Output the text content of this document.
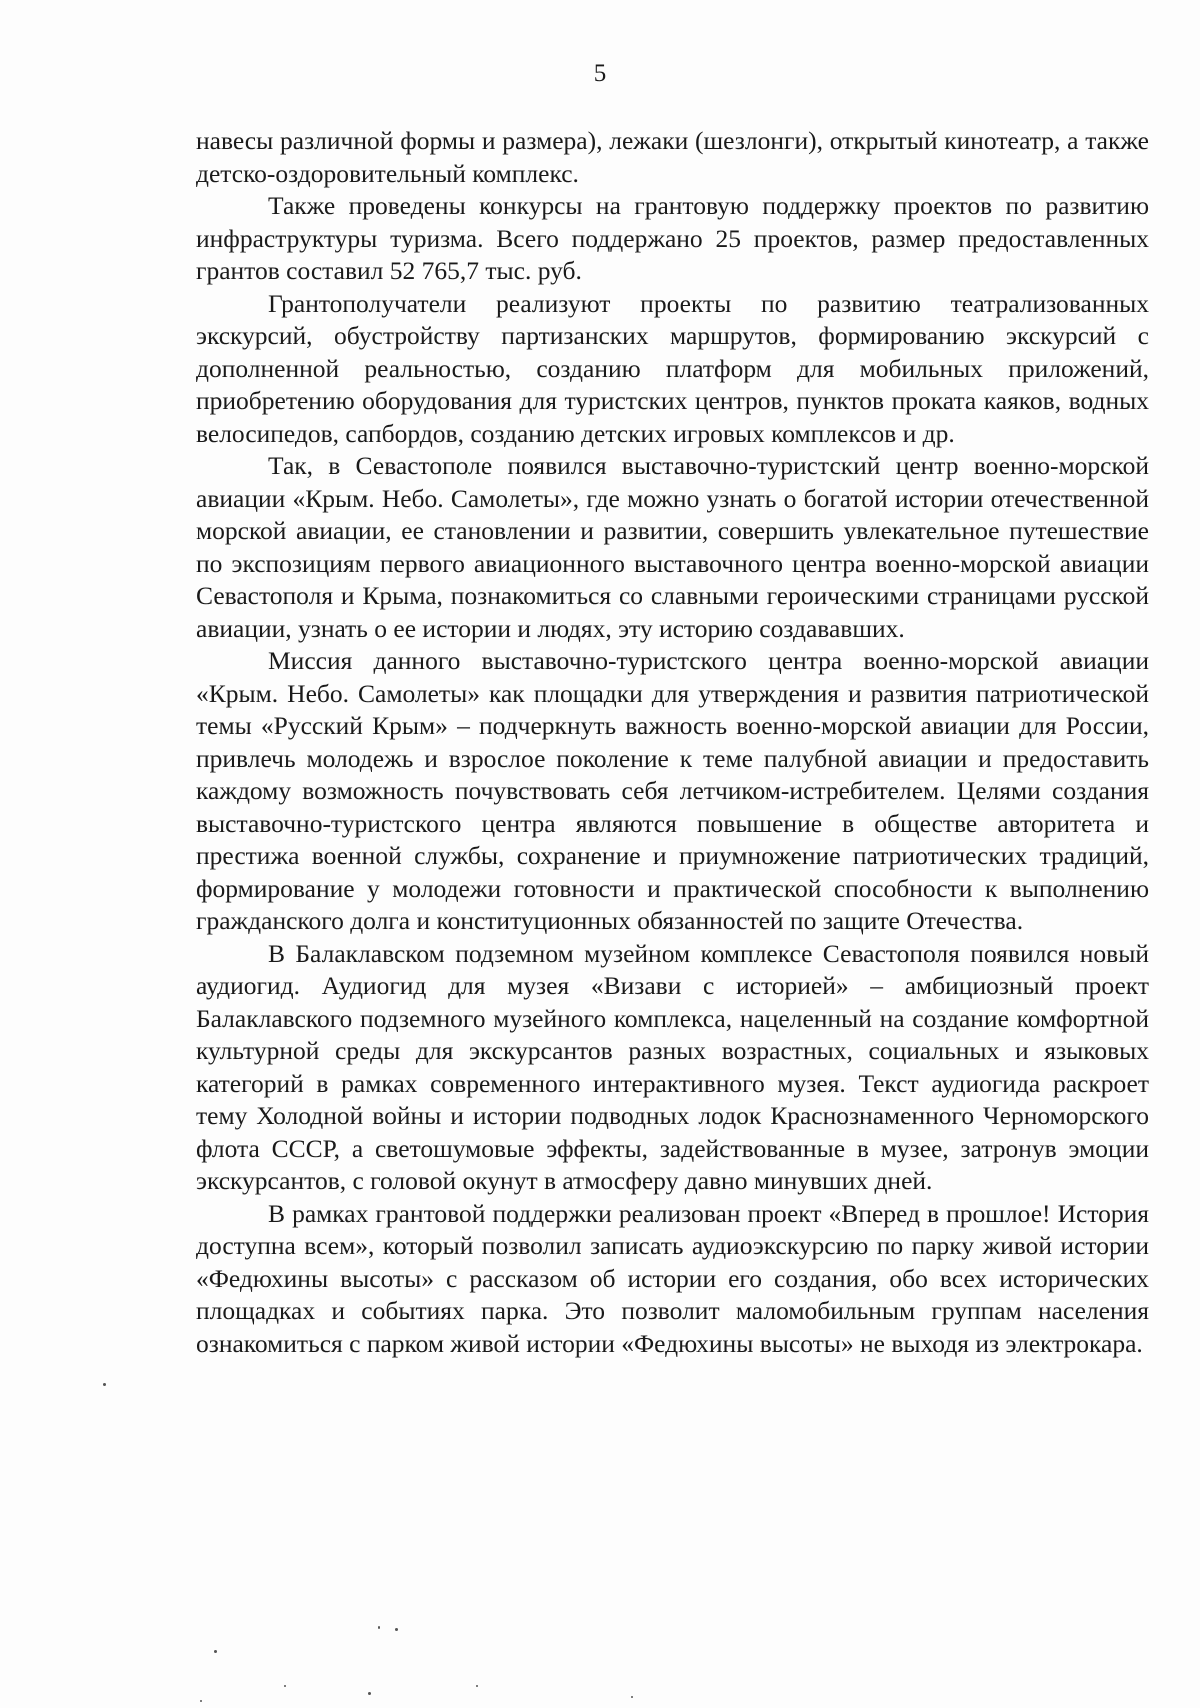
5

навесы различной формы и размера), лежаки (шезлонги), открытый кинотеатр, а также детско-оздоровительный комплекс.

Также проведены конкурсы на грантовую поддержку проектов по развитию инфраструктуры туризма. Всего поддержано 25 проектов, размер предоставленных грантов составил 52 765,7 тыс. руб.

Грантополучатели реализуют проекты по развитию театрализованных экскурсий, обустройству партизанских маршрутов, формированию экскурсий с дополненной реальностью, созданию платформ для мобильных приложений, приобретению оборудования для туристских центров, пунктов проката каяков, водных велосипедов, сапбордов, созданию детских игровых комплексов и др.

Так, в Севастополе появился выставочно-туристский центр военно-морской авиации «Крым. Небо. Самолеты», где можно узнать о богатой истории отечественной морской авиации, ее становлении и развитии, совершить увлекательное путешествие по экспозициям первого авиационного выставочного центра военно-морской авиации Севастополя и Крыма, познакомиться со славными героическими страницами русской авиации, узнать о ее истории и людях, эту историю создававших.

Миссия данного выставочно-туристского центра военно-морской авиации «Крым. Небо. Самолеты» как площадки для утверждения и развития патриотической темы «Русский Крым» – подчеркнуть важность военно-морской авиации для России, привлечь молодежь и взрослое поколение к теме палубной авиации и предоставить каждому возможность почувствовать себя летчиком-истребителем. Целями создания выставочно-туристского центра являются повышение в обществе авторитета и престижа военной службы, сохранение и приумножение патриотических традиций, формирование у молодежи готовности и практической способности к выполнению гражданского долга и конституционных обязанностей по защите Отечества.

В Балаклавском подземном музейном комплексе Севастополя появился новый аудиогид. Аудиогид для музея «Визави с историей» – амбициозный проект Балаклавского подземного музейного комплекса, нацеленный на создание комфортной культурной среды для экскурсантов разных возрастных, социальных и языковых категорий в рамках современного интерактивного музея. Текст аудиогида раскроет тему Холодной войны и истории подводных лодок Краснознаменного Черноморского флота СССР, а светошумовые эффекты, задействованные в музее, затронув эмоции экскурсантов, с головой окунут в атмосферу давно минувших дней.

В рамках грантовой поддержки реализован проект «Вперед в прошлое! История доступна всем», который позволил записать аудиоэкскурсию по парку живой истории «Федюхины высоты» с рассказом об истории его создания, обо всех исторических площадках и событиях парка. Это позволит маломобильным группам населения ознакомиться с парком живой истории «Федюхины высоты» не выходя из электрокара.
